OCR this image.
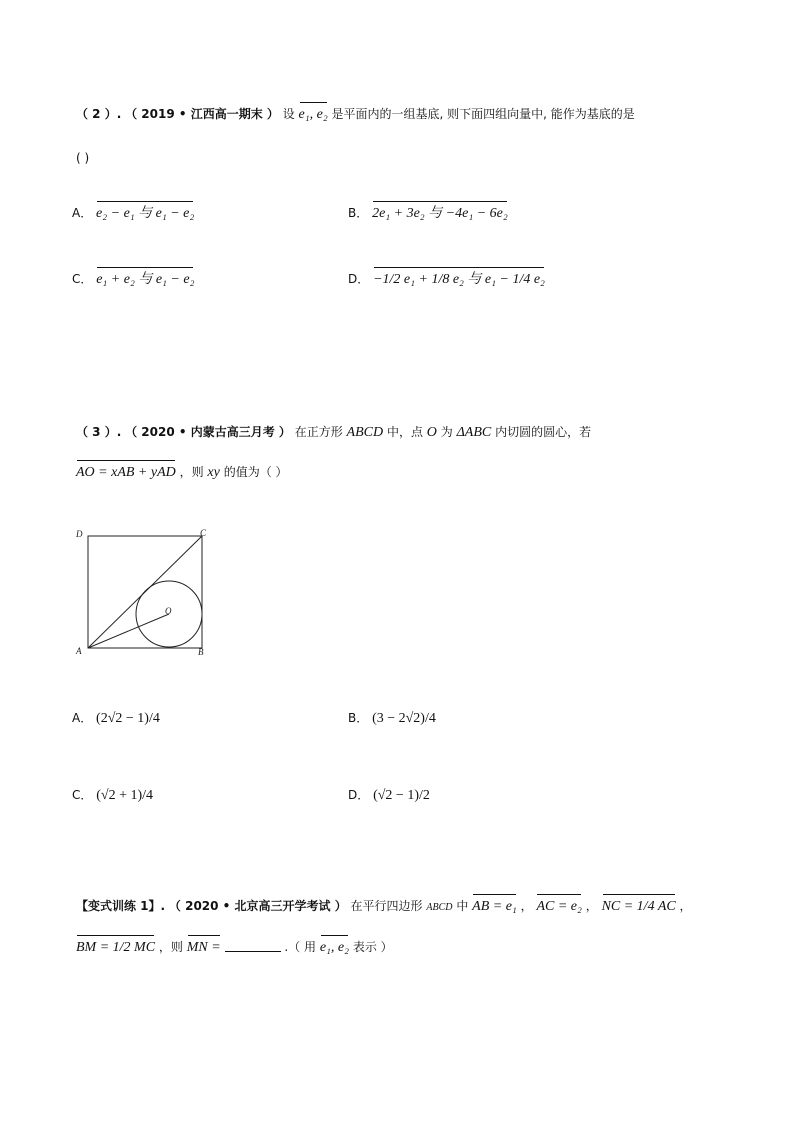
（ 2 ）. （ 2019 • 江西高一期末 ） 设 e₁, e₂ 是平面内的一组基底, 则下面四组向量中, 能作为基底的是
( )
A． e₂ − e₁ 与 e₁ − e₂	B． 2e₁ + 3e₂ 与 −4e₁ − 6e₂
C． e₁ + e₂ 与 e₁ − e₂	D． −1/2 e₁ + 1/8 e₂ 与 e₁ − 1/4 e₂
（ 3 ）. （ 2020 • 内蒙古高三月考 ） 在正方形 ABCD 中，点 O 为 ΔABC 内切圆的圆心，若
AO = xAB + yAD ，则 xy 的值为（ ）
D	C
A	B
O
A． (2√2 − 1)/4	B． (3 − 2√2)/4
C． (√2 + 1)/4	D． (√2 − 1)/2
【变式训练 1】. （ 2020 • 北京高三开学考试 ） 在平行四边形 ABCD 中 AB = e₁ ， AC = e₂ ， NC = 1/4 AC ，
BM = 1/2 MC ，则 MN =	.（ 用 e₁, e₂ 表示 ）
